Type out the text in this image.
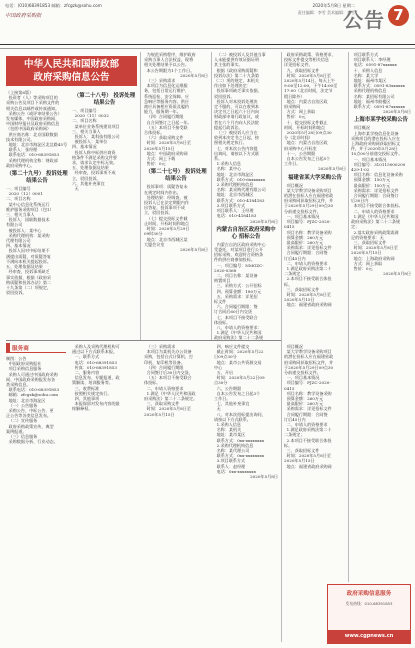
电话：(010)68391853 邮箱：zfcgzk@sohu.com
中国政府采购报
2020年5月8日 星期二
责任编辑：李雪 美术编辑：李雪
公告 7
中华人民共和国财政部
政府采购信息公告
（上接第6版）
投资者（人）等采购项目的
采购公告及项目下采购文件的
相关信息以邮件或传真通知。
采购公告（或评审结果公告）
发布媒体，中国政府采购网、
中国财经报社及政府采购信息
（包括中国政府采购网）
供应商名称：北京国联数据
技术有限公司。
地址：北京市海淀区北洼路45号
联系人：张经理
联系电话：010-68391853
采购代理机构全称：财政部
政府采购中心。
（第二十九号） 投诉处理结果公告
一、项目编号
2020（12）0001
二、项目名称
某中心信息化系统运行
维护服务采购项目（包1）
三、相关当事人
投诉人：国联数据技术
有限公司
被投诉人：某中心
采购代理机构：某采购
代理有限公司
四、基本情况
投诉人因对中标结果不
满提出质疑，对质疑答复
不满向本机关提起投诉。
五、处理依据及结果
经审查，投诉事项缺乏
事实依据，根据《政府采
购质疑和投诉办法》第二
十九条第（二）项规定，
驳回投诉。
（第二十八号） 投诉处理结果公告
一、项目编号
2020（11）0032
二、项目名称
某单位业务系统建设项目
三、相关当事人
投诉人：某科技有限公司
被投诉人：某单位
四、基本情况
投诉人称中标供应商资
格条件不满足采购文件要
求，请求认定中标无效。
五、处理依据及结果
经审查，投诉事项不成
立，驳回投诉。
六、其他补充事宜
无
为规范采购程序，维护政府
采购当事人合法权益，现将
相关处理结果予以公告。
本公告期限为1个工作日。
2020年5月8日
（三）采购需求
本项目为信息化运维服
务，包括日常运行维护、
系统巡检、安全保障、应
急响应等服务内容。供应
商应具备相应资质及履约
能力，服务期一年。
（四）合同履行期限
自合同签订之日起一年。
（五）本项目不接受联
合体投标。
（六）获取采购文件
时间：2020年5月8日至
2020年5月15日
地点：中国政府采购网
方式：网上下载
售价：0元
（第二十七号） 投诉处理结果公告
投诉事项：质疑答复未
在规定时间内作出。
处理结果：经调查，被
投诉人已在法定期限内作
出答复，投诉事项不成
立，驳回投诉。
（七）提交投标文件截
止时间、开标时间和地点
时间：2020年5月29日
09时30分
地点：北京市西城区某
大厦会议室
2020年5月8日
（二）被投诉人及其他当事
人未能提供有效证据证明
其主张的事实。
根据《政府采购质疑和
投诉办法》第二十九条第
（二）项的规定，本机关
作出如下处理决定：
投诉事项缺乏事实依据，
驳回投诉。
投诉人对本投诉处理决
定不服的，可以在收到本
决定书之日起六十日内向
财政部申请行政复议，或
者在六个月内向人民法院
提起行政诉讼。
（三）被投诉人应当在
收到本决定书之日起，按
照相关规定执行。
七、对本次公告内容提
出询问，请按以下方式联
系。
1.采购人信息
名称：某中心
地址：北京市海淀区
联系方式：010-6xxxxxxx
2.采购代理机构信息
名称：某采购代理有限公司
地址：北京市西城区
联系方式：010-4184183
3.项目联系方式
项目联系人：王经理
电话：010-4184183
2020年5月8日
内蒙古自治区政府采购中心 招标公告
内蒙古自治区政府采购中心
受委托，对某项目进行公开
招标采购，欢迎符合资格条
件的供应商参加投标。
一、项目编号：NMGZC-
2020-0368
二、项目名称：某设备
购置项目
三、采购方式：公开招标
四、预算金额：180万元
五、采购需求：详见招
标文件
六、合同履行期限：签
订合同后60日内交货
七、本项目不接受联合
体投标。
八、申请人的资格要求：
1.满足《中华人民共和国
政府采购法》第二十二条规

政府采购政策、资格要求、
投标文件提交等相关信息
详见招标文件。
九、获取招标文件
时间：2020年5月8日至
2020年5月14日，每天上午
9:00至12:00，下午14:00至
17:00（北京时间，法定节
假日除外）
地点：内蒙古自治区政
府采购网
方式：网上获取
售价：0元
十、提交投标文件截止
时间、开标时间和地点
2020年5月28日09点30
分（北京时间）
地点：内蒙古自治区政
府采购中心开标室
十一、公告期限
自本公告发布之日起5个
工作日。
2020年5月8日
福建省某大学采购公告
项目概况
某大学教学设备采购项目
的潜在投标人应在福建省政
府采购网获取招标文件，并
于2020年5月29日09点30
分前递交投标文件。
一、项目基本情况
项目编号：FJZC-2020-
0415
项目名称：教学设备采购
预算金额：260万元
最高限价：260万元
采购需求：详见招标文件
合同履行期限：合同签
订后45日内
二、申请人的资格要求
1.满足政府采购法第二十
二条规定；
2.本项目不接受联合体投
标。
三、获取招标文件
时间：2020年5月8日至
2020年5月15日
地点：福建省政府采购网
项目联系方式
项目联系人：李经理
电话：0591-87xxxxxx
十、采购人信息
名称：某大学
地址：福州市某区
联系方式：0591-83xxxxxx
采购代理机构信息
名称：某招标有限公司
地址：福州市鼓楼区
联系方式：0591-87xxxxxx
2020年5月8日
上海市某学校采购公告
项目概况
上海市某学校信息化设备
采购项目的潜在投标人应在
上海政府采购网获取招标文
件，并于2020年5月28日
10点00分前递交投标文件。
一、项目基本情况
项目编号：310115000200
429-1-02
项目名称：信息化设备采购
预算金额：150万元
最高限价：150万元
采购需求：详见招标文件
合同履行期限：合同签订
后30日内
本项目不接受联合体投标。
二、申请人的资格要求
1.满足《中华人民共和国
政府采购法》第二十二条规
定；
2.落实政府采购政策需满
足的资格要求：无
三、获取招标文件
时间：2020年5月8日至
2020年5月15日
地点：上海政府采购网
方式：网上获取
售价：0元
2020年5月8日
服务商
制图：公告
中国政府采购报社
项目采购信息服务
采购人可通过中国政府采购
网、中国政府采购报发布各
类采购信息。
联系电话：010-68391853
邮箱：zfcgzk@sohu.com
地址：北京市海淀区
（一）公告服务
采购公告、中标公告、更
正公告等各类信息发布。
（二）宣传服务
政府采购政策宣传、典型
案例报道。
（三）信息服务
采购数据分析、行业动态。
采购人及采购代理机构可
通过以下方式联系本报。
一、联系方式
电话：010-68391853
传真：010-68391853
二、服务内容
信息发布、专题报道、政
策解读、培训服务等。
三、收费标准
按照相关规定执行。
四、其他事项
本报保留对发布内容的最
终解释权。
（三）采购需求
本项目为某机关办公设备
采购，包括台式计算机、打
印机、复印机等设备。
（四）合同履行期限
合同签订后30日内交货。
（五）本项目不接受联合
体投标。
二、申请人资格要求
1.满足《中华人民共和国政
府采购法》第二十二条规定。
三、获取采购文件
时间：2020年5月8日至
2020年5月15日
四、响应文件提交
截止时间：2020年5月22
日09点30分
地点：某市公共资源交易
中心
五、开启
时间：2020年5月22日09
点30分
六、公告期限
自本公告发布之日起3个
工作日。
七、其他补充事宜
无
八、对本次招标提出询问，
请按以下方式联系。
1.采购人信息
名称：某机关
地址：某市某区
联系方式：0xx-xxxxxxxx
2.采购代理机构信息
名称：某代理公司
联系方式：0xx-xxxxxxxx
3.项目联系方式
联系人：赵经理
电话：0xx-xxxxxxxx
2020年5月8日
项目概况
某大学教学设备采购项目
的潜在投标人应在福建省政
府采购网获取招标文件，并
于2020年5月29日09点30
分前递交投标文件。
一、项目基本情况
项目编号：FJZC-2020-
0415
项目名称：教学设备采购
预算金额：260万元
最高限价：260万元
采购需求：详见招标文件
合同履行期限：合同签
订后45日内
二、申请人的资格要求
1.满足政府采购法第二十
二条规定；
2.本项目不接受联合体投
标。
三、获取招标文件
时间：2020年5月8日至
2020年5月15日
地点：福建省政府采购网
政府采购信息服务
发布热线：010-68391853
www.cgpnews.cn
